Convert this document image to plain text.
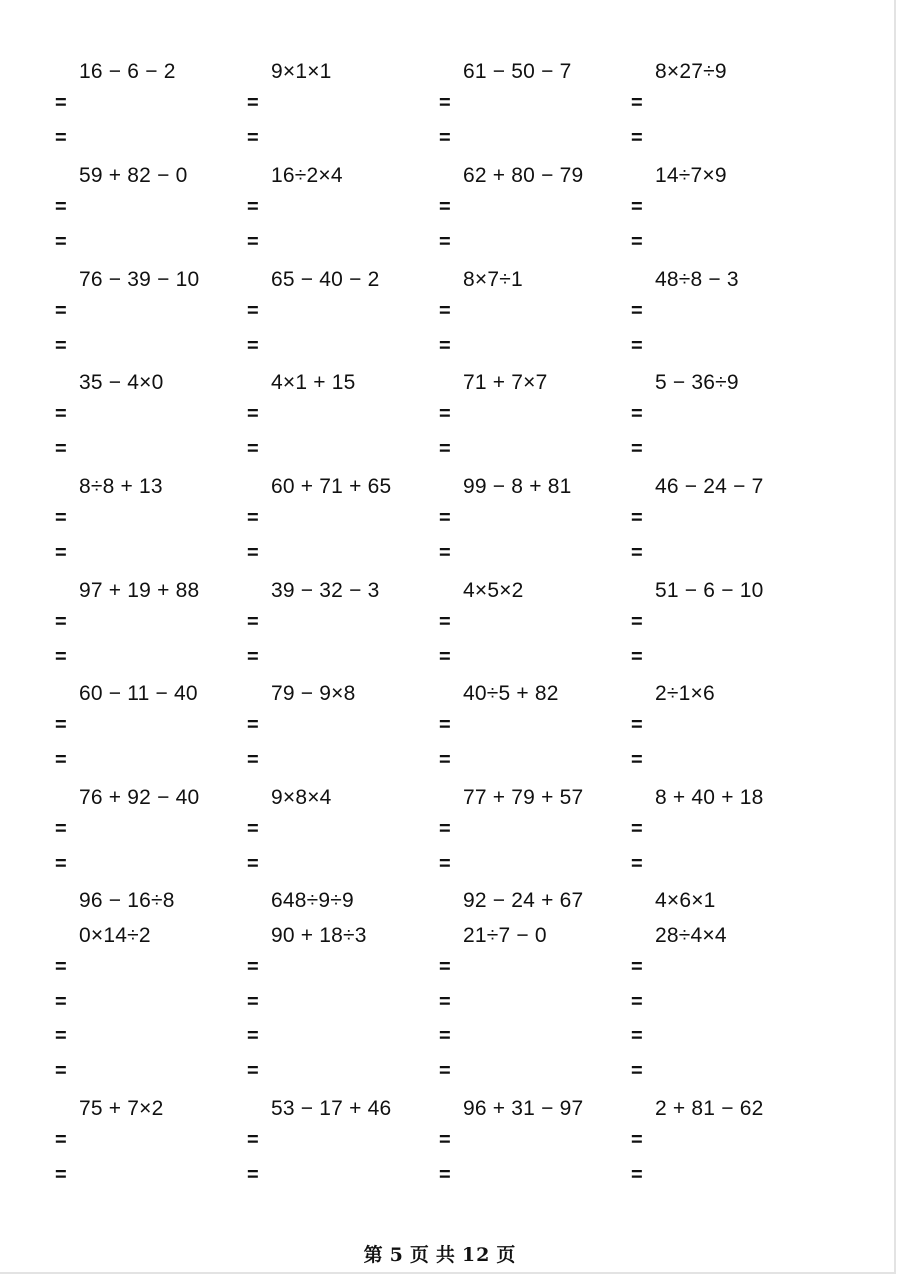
16 − 6 − 2
=
=
9×1×1
=
=
61 − 50 − 7
=
=
8×27÷9
=
=
59 + 82 − 0
=
=
16÷2×4
=
=
62 + 80 − 79
=
=
14÷7×9
=
=
76 − 39 − 10
=
=
65 − 40 − 2
=
=
8×7÷1
=
=
48÷8 − 3
=
=
35 − 4×0
=
=
4×1 + 15
=
=
71 + 7×7
=
=
5 − 36÷9
=
=
8÷8 + 13
=
=
60 + 71 + 65
=
=
99 − 8 + 81
=
=
46 − 24 − 7
=
=
97 + 19 + 88
=
=
39 − 32 − 3
=
=
4×5×2
=
=
51 − 6 − 10
=
=
60 − 11 − 40
=
=
79 − 9×8
=
=
40÷5 + 82
=
=
2÷1×6
=
=
76 + 92 − 40
=
=
9×8×4
=
=
77 + 79 + 57
=
=
8 + 40 + 18
=
=
96 − 16÷8
0×14÷2
=
=
=
=
648÷9÷9
90 + 18÷3
=
=
=
=
92 − 24 + 67
21÷7 − 0
=
=
=
=
4×6×1
28÷4×4
=
=
=
=
75 + 7×2
=
=
53 − 17 + 46
=
=
96 + 31 − 97
=
=
2 + 81 − 62
=
=
第 5 页 共 12 页
